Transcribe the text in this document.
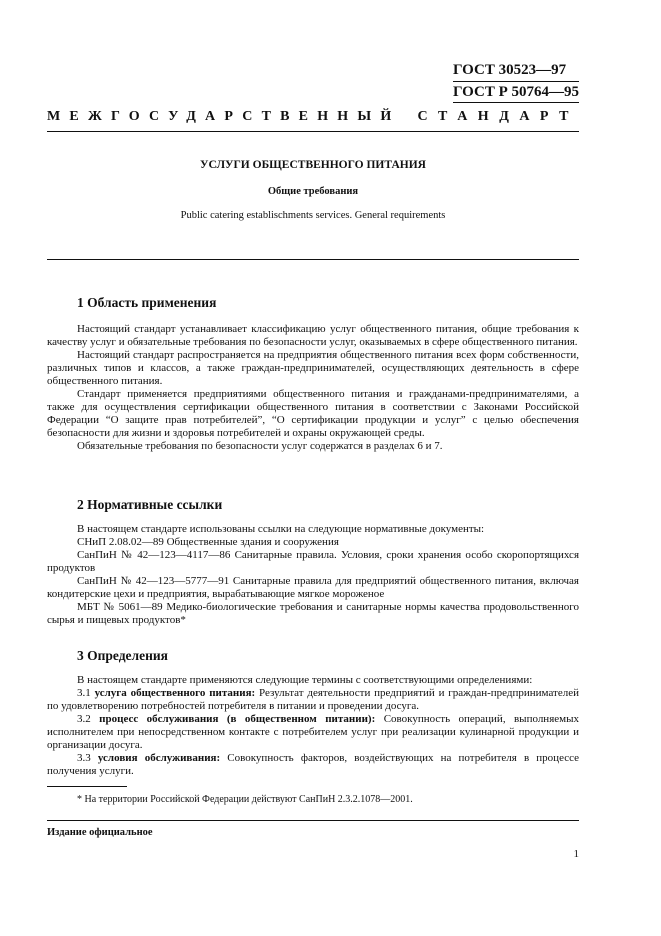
ГОСТ 30523—97
ГОСТ Р 50764—95
МЕЖГОСУДАРСТВЕННЫЙ СТАНДАРТ
УСЛУГИ ОБЩЕСТВЕННОГО ПИТАНИЯ
Общие требования
Public catering establischments services. General requirements
1 Область применения

Настоящий стандарт устанавливает классификацию услуг общественного питания, общие требования к качеству услуг и обязательные требования по безопасности услуг, оказываемых в сфере общественного питания.

Настоящий стандарт распространяется на предприятия общественного питания всех форм собственности, различных типов и классов, а также граждан-предпринимателей, осуществляющих деятельность в сфере общественного питания.

Стандарт применяется предприятиями общественного питания и гражданами-предпринимателями, а также для осуществления сертификации общественного питания в соответствии с Законами Российской Федерации “О защите прав потребителей”, “О сертификации продукции и услуг” с целью обеспечения безопасности для жизни и здоровья потребителей и охраны окружающей среды.

Обязательные требования по безопасности услуг содержатся в разделах 6 и 7.

2 Нормативные ссылки

В настоящем стандарте использованы ссылки на следующие нормативные документы:

СНиП 2.08.02—89 Общественные здания и сооружения

СанПиН № 42—123—4117—86 Санитарные правила. Условия, сроки хранения особо скоропортящихся продуктов

СанПиН № 42—123—5777—91 Санитарные правила для предприятий общественного питания, включая кондитерские цехи и предприятия, вырабатывающие мягкое мороженое

МБТ № 5061—89 Медико-биологические требования и санитарные нормы качества продовольственного сырья и пищевых продуктов*

3 Определения

В настоящем стандарте применяются следующие термины с соответствующими определениями:

3.1 услуга общественного питания: Результат деятельности предприятий и граждан-предпринимателей по удовлетворению потребностей потребителя в питании и проведении досуга.

3.2 процесс обслуживания (в общественном питании): Совокупность операций, выполняемых исполнителем при непосредственном контакте с потребителем услуг при реализации кулинарной продукции и организации досуга.

3.3 условия обслуживания: Совокупность факторов, воздействующих на потребителя в процессе получения услуги.

* На территории Российской Федерации действуют СанПиН 2.3.2.1078—2001.
Издание официальное
1
